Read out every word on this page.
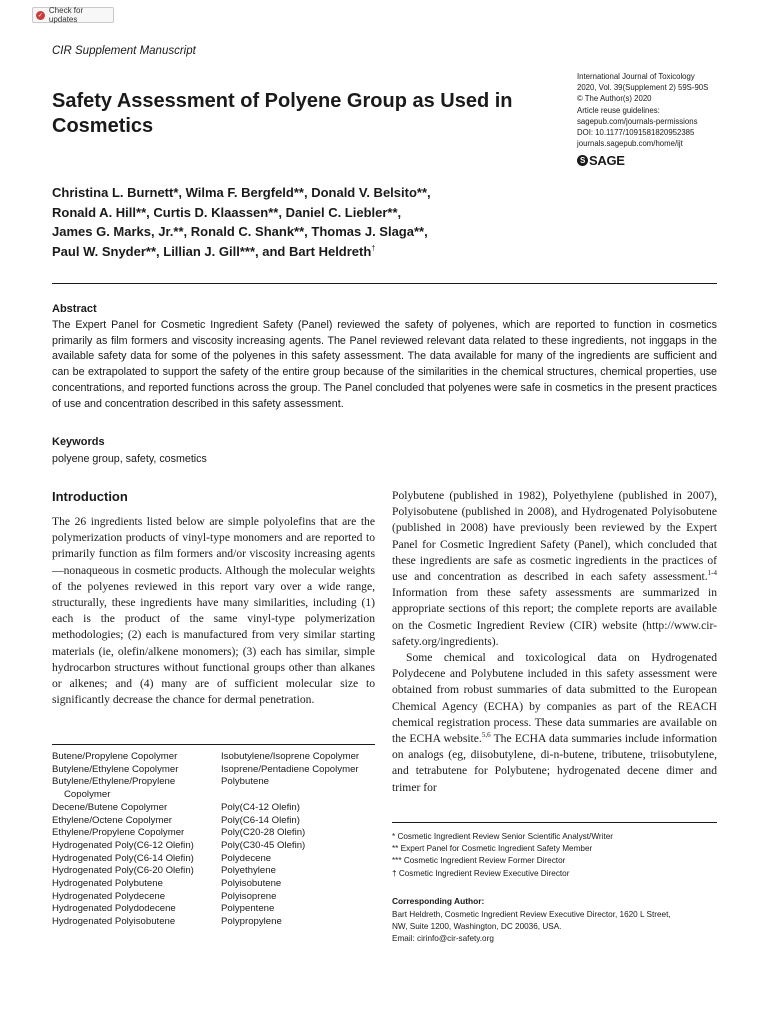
✓
Check for updates
CIR Supplement Manuscript
Safety Assessment of Polyene Group as Used in Cosmetics
International Journal of Toxicology
2020, Vol. 39(Supplement 2) 59S-90S
© The Author(s) 2020
Article reuse guidelines:
sagepub.com/journals-permissions
DOI: 10.1177/1091581820952385
journals.sagepub.com/home/ijt
S SAGE
Christina L. Burnett*, Wilma F. Bergfeld**, Donald V. Belsito**,
Ronald A. Hill**, Curtis D. Klaassen**, Daniel C. Liebler**,
James G. Marks, Jr.**, Ronald C. Shank**, Thomas J. Slaga**,
Paul W. Snyder**, Lillian J. Gill***, and Bart Heldreth†
Abstract
The Expert Panel for Cosmetic Ingredient Safety (Panel) reviewed the safety of polyenes, which are reported to function in cosmetics primarily as film formers and viscosity increasing agents. The Panel reviewed relevant data related to these ingredients, not inggaps in the available safety data for some of the polyenes in this safety assessment. The data available for many of the ingredients are sufficient and can be extrapolated to support the safety of the entire group because of the similarities in the chemical structures, chemical properties, use concentrations, and reported functions across the group. The Panel concluded that polyenes were safe in cosmetics in the present practices of use and concentration described in this safety assessment.
Keywords
polyene group, safety, cosmetics
Introduction
The 26 ingredients listed below are simple polyolefins that are the polymerization products of vinyl-type monomers and are reported to primarily function as film formers and/or viscosity increasing agents—nonaqueous in cosmetic products. Although the molecular weights of the polyenes reviewed in this report vary over a wide range, structurally, these ingredients have many similarities, including (1) each is the product of the same vinyl-type polymerization methodologies; (2) each is manufactured from very similar starting materials (ie, olefin/alkene monomers); (3) each has similar, simple hydrocarbon structures without functional groups other than alkanes or alkenes; and (4) many are of sufficient molecular size to significantly decrease the chance for dermal penetration.

Polybutene (published in 1982), Polyethylene (published in 2007), Polyisobutene (published in 2008), and Hydrogenated Polyisobutene (published in 2008) have previously been reviewed by the Expert Panel for Cosmetic Ingredient Safety (Panel), which concluded that these ingredients are safe as cosmetic ingredients in the practices of use and concentration as described in each safety assessment.$^{1-4}$ Information from these safety assessments are summarized in appropriate sections of this report; the complete reports are available on the Cosmetic Ingredient Review (CIR) website (http://www.cir-safety.org/ingredients).

Some chemical and toxicological data on Hydrogenated Polydecene and Polybutene included in this safety assessment were obtained from robust summaries of data submitted to the European Chemical Agency (ECHA) by companies as part of the REACH chemical registration process. These data summaries are available on the ECHA website.$^{5,6}$ The ECHA data summaries include information on analogs (eg, diisobutylene, di-n-butene, tributene, triisobutylene, and tetrabutene for Polybutene; hydrogenated decene dimer and trimer for

Butene/Propylene Copolymer
Butylene/Ethylene Copolymer
Butylene/Ethylene/Propylene
Copolymer
Decene/Butene Copolymer
Ethylene/Octene Copolymer
Ethylene/Propylene Copolymer
Hydrogenated Poly(C6-12 Olefin)
Hydrogenated Poly(C6-14 Olefin)
Hydrogenated Poly(C6-20 Olefin)
Hydrogenated Polybutene
Hydrogenated Polydecene
Hydrogenated Polydodecene
Hydrogenated Polyisobutene
Isobutylene/Isoprene Copolymer
Isoprene/Pentadiene Copolymer
Polybutene

Poly(C4-12 Olefin)
Poly(C6-14 Olefin)
Poly(C20-28 Olefin)
Poly(C30-45 Olefin)
Polydecene
Polyethylene
Polyisobutene
Polyisoprene
Polypentene
Polypropylene
* Cosmetic Ingredient Review Senior Scientific Analyst/Writer
** Expert Panel for Cosmetic Ingredient Safety Member
*** Cosmetic Ingredient Review Former Director
† Cosmetic Ingredient Review Executive Director
Corresponding Author:
Bart Heldreth, Cosmetic Ingredient Review Executive Director, 1620 L Street,
NW, Suite 1200, Washington, DC 20036, USA.
Email: cirinfo@cir-safety.org
